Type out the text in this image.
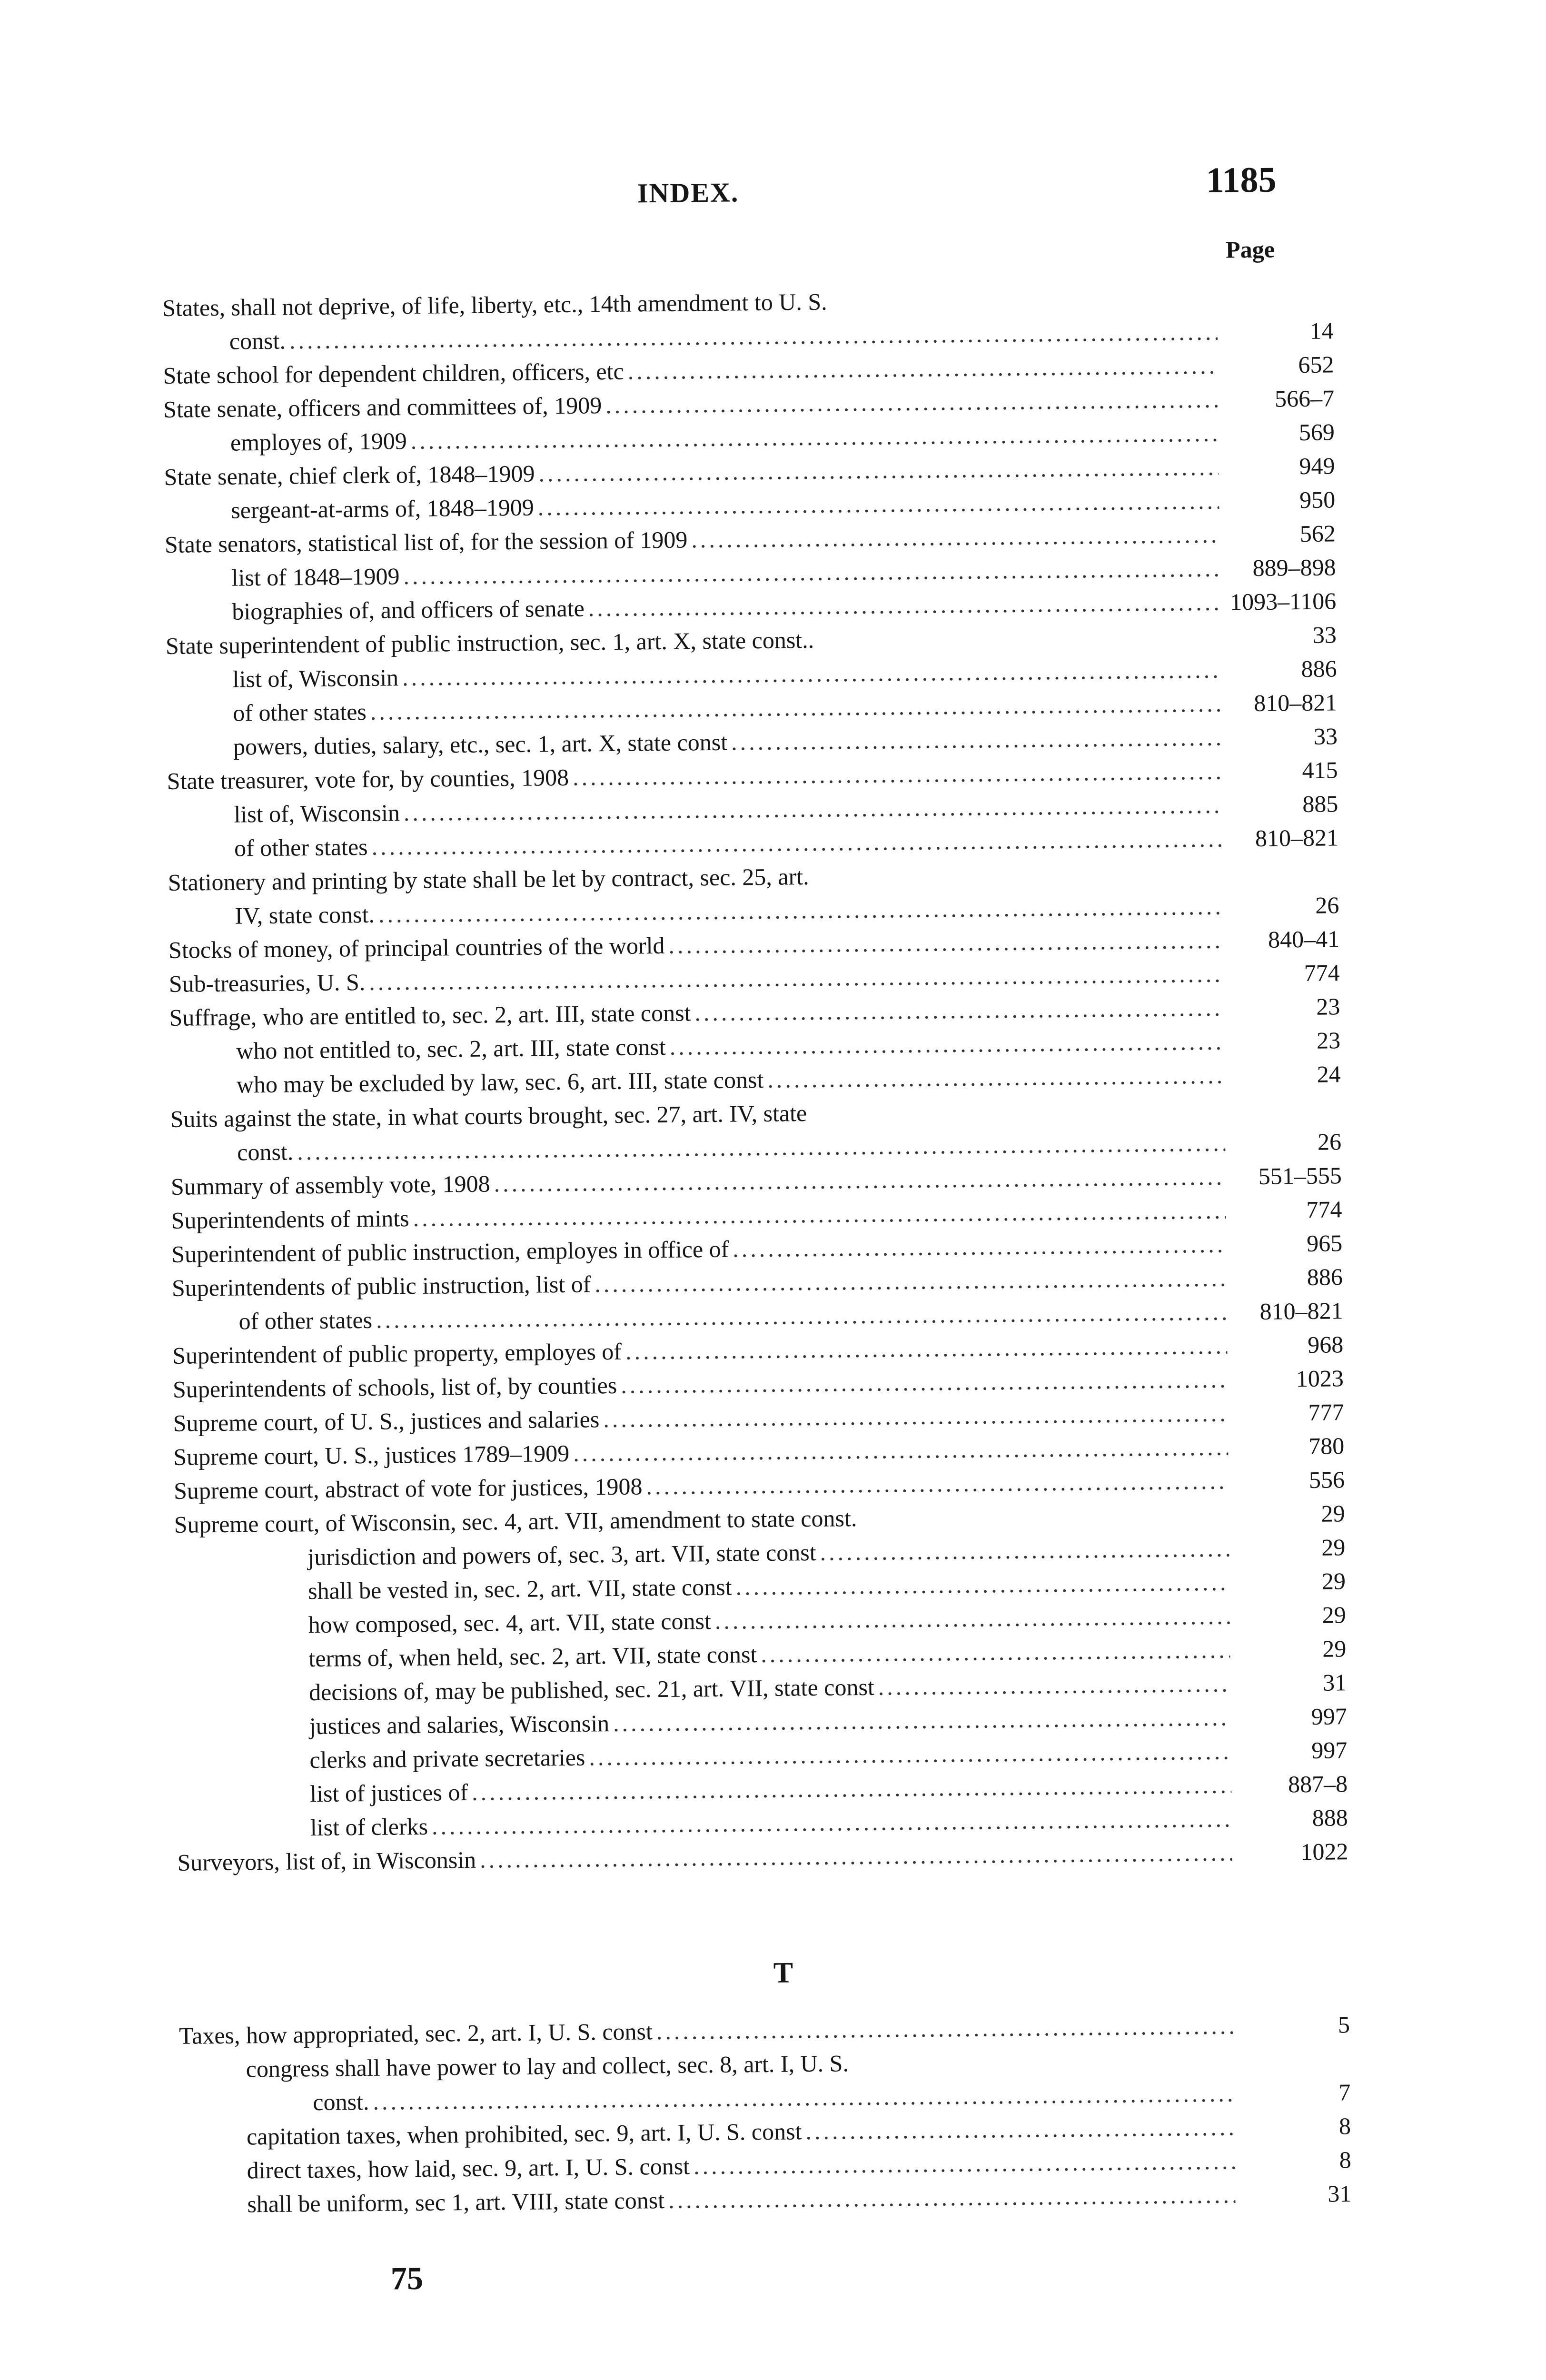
INDEX.	1185
Page
States, shall not deprive, of life, liberty, etc., 14th amendment to U. S.
const. .....	14
State school for dependent children, officers, etc .....	652
State senate, officers and committees of, 1909 .....	566–7
employes of, 1909 .....	569
State senate, chief clerk of, 1848–1909 .....	949
sergeant-at-arms of, 1848–1909 .....	950
State senators, statistical list of, for the session of 1909 .....	562
list of 1848–1909 .....	889–898
biographies of, and officers of senate .....	1093–1106
State superintendent of public instruction, sec. 1, art. X, state const..	33
list of, Wisconsin .....	886
of other states .....	810–821
powers, duties, salary, etc., sec. 1, art. X, state const .....	33
State treasurer, vote for, by counties, 1908 .....	415
list of, Wisconsin .....	885
of other states .....	810–821
Stationery and printing by state shall be let by contract, sec. 25, art.
IV, state const. .....	26
Stocks of money, of principal countries of the world .....	840–41
Sub-treasuries, U. S. .....	774
Suffrage, who are entitled to, sec. 2, art. III, state const .....	23
who not entitled to, sec. 2, art. III, state const .....	23
who may be excluded by law, sec. 6, art. III, state const .....	24
Suits against the state, in what courts brought, sec. 27, art. IV, state
const. .....	26
Summary of assembly vote, 1908 .....	551–555
Superintendents of mints .....	774
Superintendent of public instruction, employes in office of .....	965
Superintendents of public instruction, list of .....	886
of other states .....	810–821
Superintendent of public property, employes of .....	968
Superintendents of schools, list of, by counties .....	1023
Supreme court, of U. S., justices and salaries .....	777
Supreme court, U. S., justices 1789–1909 .....	780
Supreme court, abstract of vote for justices, 1908 .....	556
Supreme court, of Wisconsin, sec. 4, art. VII, amendment to state const.	29
jurisdiction and powers of, sec. 3, art. VII, state const .....	29
shall be vested in, sec. 2, art. VII, state const .....	29
how composed, sec. 4, art. VII, state const .....	29
terms of, when held, sec. 2, art. VII, state const .....	29
decisions of, may be published, sec. 21, art. VII, state const .....	31
justices and salaries, Wisconsin .....	997
clerks and private secretaries .....	997
list of justices of .....	887–8
list of clerks .....	888
Surveyors, list of, in Wisconsin .....	1022
T
Taxes, how appropriated, sec. 2, art. I, U. S. const .....	5
congress shall have power to lay and collect, sec. 8, art. I, U. S.
const. .....	7
capitation taxes, when prohibited, sec. 9, art. I, U. S. const .....	8
direct taxes, how laid, sec. 9, art. I, U. S. const .....	8
shall be uniform, sec 1, art. VIII, state const .....	31
75
